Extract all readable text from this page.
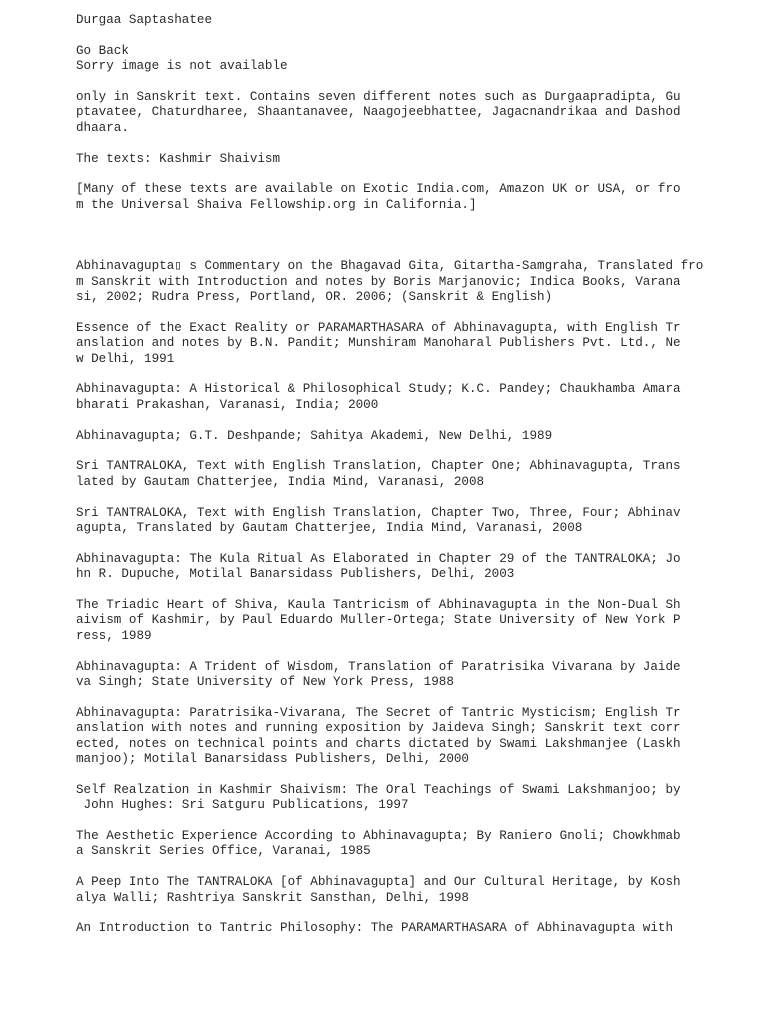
Durgaa Saptashatee
Go Back
Sorry image is not available
only in Sanskrit text. Contains seven different notes such as Durgaapradipta, Gu
ptavatee, Chaturdharee, Shaantanavee, Naagojeebhattee, Jagacnandrikaa and Dashod
dhaara.
The texts: Kashmir Shaivism
[Many of these texts are available on Exotic India.com, Amazon UK or USA, or fro
m the Universal Shaiva Fellowship.org in California.]
Abhinavagupta▯ s Commentary on the Bhagavad Gita, Gitartha-Samgraha, Translated fro
m Sanskrit with Introduction and notes by Boris Marjanovic; Indica Books, Varana
si, 2002; Rudra Press, Portland, OR. 2006; (Sanskrit & English)
Essence of the Exact Reality or PARAMARTHASARA of Abhinavagupta, with English Tr
anslation and notes by B.N. Pandit; Munshiram Manoharal Publishers Pvt. Ltd., Ne
w Delhi, 1991
Abhinavagupta: A Historical & Philosophical Study; K.C. Pandey; Chaukhamba Amara
bharati Prakashan, Varanasi, India; 2000
Abhinavagupta; G.T. Deshpande; Sahitya Akademi, New Delhi, 1989
Sri TANTRALOKA, Text with English Translation, Chapter One; Abhinavagupta, Trans
lated by Gautam Chatterjee, India Mind, Varanasi, 2008
Sri TANTRALOKA, Text with English Translation, Chapter Two, Three, Four; Abhinav
agupta, Translated by Gautam Chatterjee, India Mind, Varanasi, 2008
Abhinavagupta: The Kula Ritual As Elaborated in Chapter 29 of the TANTRALOKA; Jo
hn R. Dupuche, Motilal Banarsidass Publishers, Delhi, 2003
The Triadic Heart of Shiva, Kaula Tantricism of Abhinavagupta in the Non-Dual Sh
aivism of Kashmir, by Paul Eduardo Muller-Ortega; State University of New York P
ress, 1989
Abhinavagupta: A Trident of Wisdom, Translation of Paratrisika Vivarana by Jaide
va Singh; State University of New York Press, 1988
Abhinavagupta: Paratrisika-Vivarana, The Secret of Tantric Mysticism; English Tr
anslation with notes and running exposition by Jaideva Singh; Sanskrit text corr
ected, notes on technical points and charts dictated by Swami Lakshmanjee (Laskh
manjoo); Motilal Banarsidass Publishers, Delhi, 2000
Self Realzation in Kashmir Shaivism: The Oral Teachings of Swami Lakshmanjoo; by
John Hughes: Sri Satguru Publications, 1997
The Aesthetic Experience According to Abhinavagupta; By Raniero Gnoli; Chowkhmab
a Sanskrit Series Office, Varanai, 1985
A Peep Into The TANTRALOKA [of Abhinavagupta] and Our Cultural Heritage, by Kosh
alya Walli; Rashtriya Sanskrit Sansthan, Delhi, 1998
An Introduction to Tantric Philosophy: The PARAMARTHASARA of Abhinavagupta with
